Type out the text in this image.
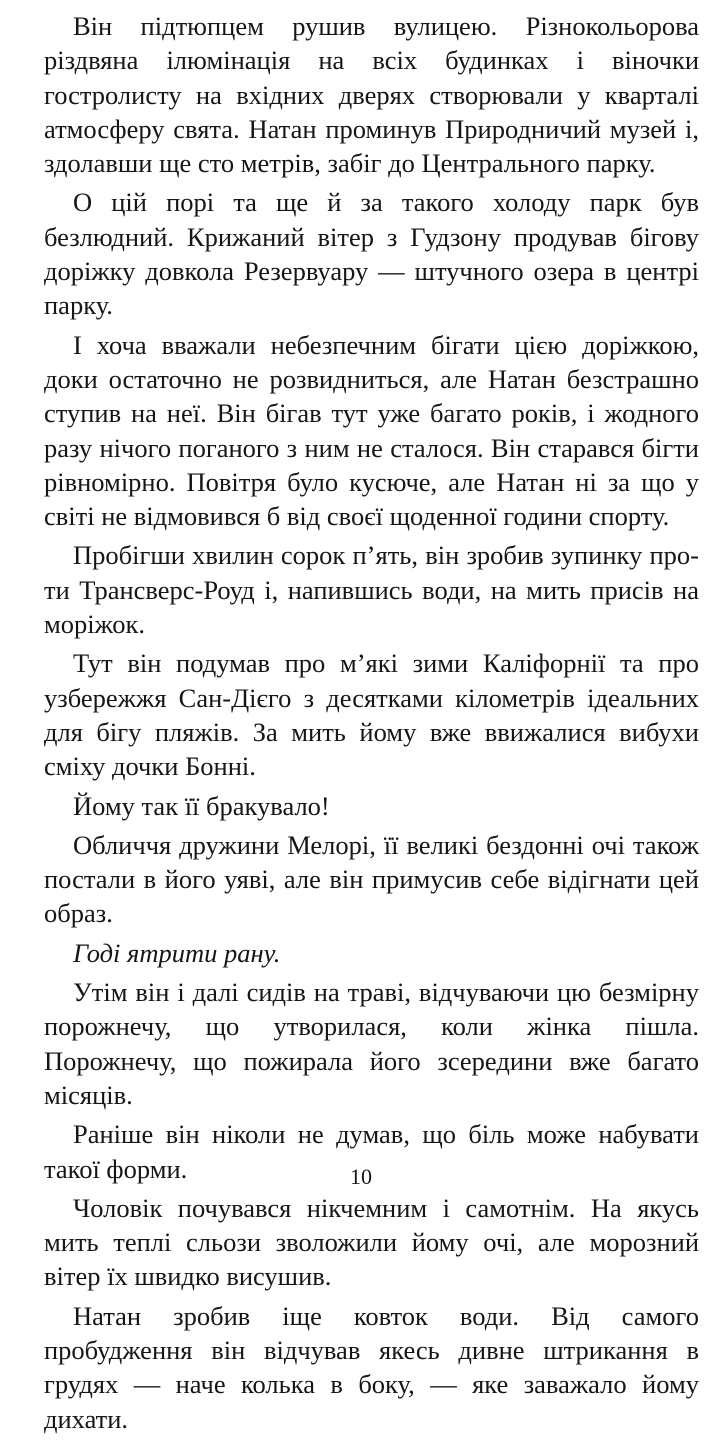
Він підтюпцем рушив вулицею. Різнокольорова різдвяна ілюмінація на всіх будинках і віночки гостролисту на вхідних дверях створювали у кварталі атмосферу свята. Натан проминув Природничий музей і, здолавши ще сто метрів, забіг до Центрального парку.

О цій порі та ще й за такого холоду парк був безлюдний. Крижаний вітер з Гудзону продував бігову доріжку довкола Резервуару — штучного озера в центрі парку.

І хоча вважали небезпечним бігати цією доріжкою, доки остаточно не розвидниться, але Натан безстрашно ступив на неї. Він бігав тут уже багато років, і жодного разу нічого поганого з ним не сталося. Він старався бігти рівномірно. Повітря було кусюче, але Натан ні за що у світі не відмовився б від своєї щоденної години спорту.

Пробігши хвилин сорок п’ять, він зробив зупинку проти Трансверс-Роуд і, напившись води, на мить присів на моріжок.

Тут він подумав про м’які зими Каліфорнії та про узбережжя Сан-Дієго з десятками кілометрів ідеальних для бігу пляжів. За мить йому вже ввижалися вибухи сміху дочки Бонні.

Йому так її бракувало!

Обличчя дружини Мелорі, її великі бездонні очі також постали в його уяві, але він примусив себе відігнати цей образ.

Годі ятрити рану.

Утім він і далі сидів на траві, відчуваючи цю безмірну порожнечу, що утворилася, коли жінка пішла. Порожнечу, що пожирала його зсередини вже багато місяців.

Раніше він ніколи не думав, що біль може набувати такої форми.

Чоловік почувався нікчемним і самотнім. На якусь мить теплі сльози зволожили йому очі, але морозний вітер їх швидко висушив.

Натан зробив іще ковток води. Від самого пробудження він відчував якесь дивне штрикання в грудях — наче колька в боку, — яке заважало йому дихати.

10
